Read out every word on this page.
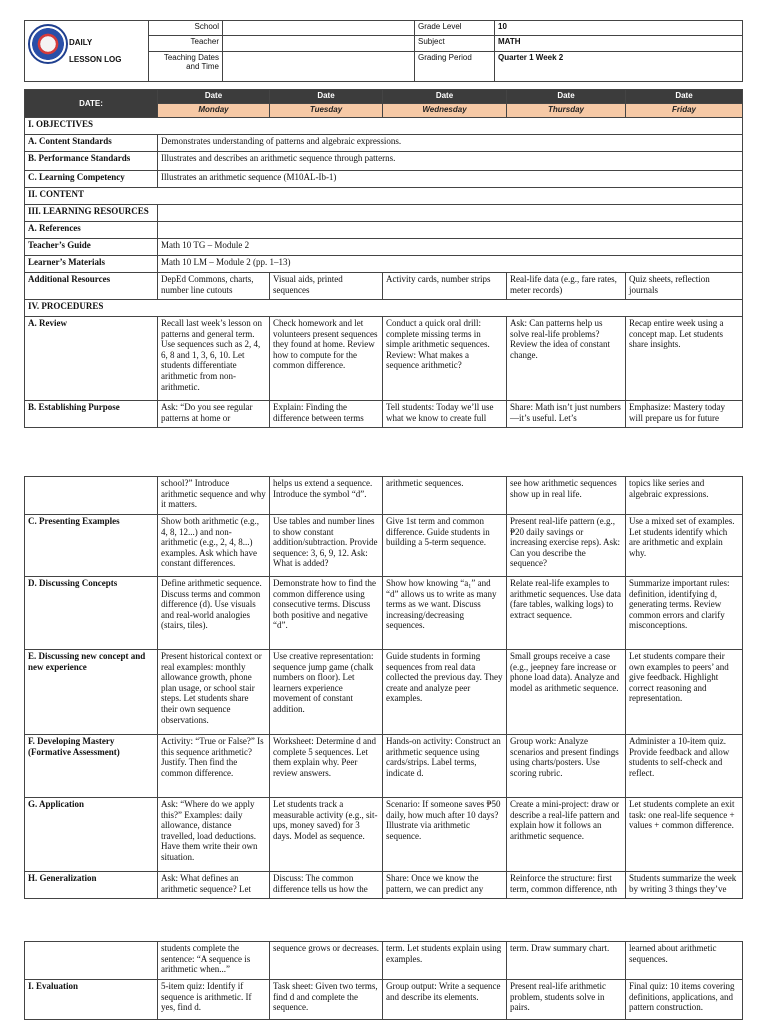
DAILY
LESSON LOG	School		Grade Level	10
	Teacher		Subject	MATH
	Teaching Dates and Time		Grading Period	Quarter 1 Week 2
DATE:	Date	Date	Date	Date	Date
	Monday	Tuesday	Wednesday	Thursday	Friday
I. OBJECTIVES					
A. Content Standards	Demonstrates understanding of patterns and algebraic expressions.				
B. Performance Standards	Illustrates and describes an arithmetic sequence through patterns.				
C. Learning Competency	Illustrates an arithmetic sequence (M10AL-Ib-1)				
II. CONTENT					
III. LEARNING RESOURCES					
A. References					
Teacher’s Guide	Math 10 TG – Module 2				
Learner’s Materials	Math 10 LM – Module 2 (pp. 1–13)				
Additional Resources	DepEd Commons, charts, number line cutouts	Visual aids, printed sequences	Activity cards, number strips	Real-life data (e.g., fare rates, meter records)	Quiz sheets, reflection journals
IV. PROCEDURES					
A. Review	Recall last week’s lesson on patterns and general term. Use sequences such as 2, 4, 6, 8 and 1, 3, 6, 10. Let students differentiate arithmetic from non-arithmetic.	Check homework and let volunteers present sequences they found at home. Review how to compute for the common difference.	Conduct a quick oral drill: complete missing terms in simple arithmetic sequences. Review: What makes a sequence arithmetic?	Ask: Can patterns help us solve real-life problems? Review the idea of constant change.	Recap entire week using a concept map. Let students share insights.
B. Establishing Purpose	Ask: “Do you see regular patterns at home or	Explain: Finding the difference between terms	Tell students: Today we’ll use what we know to create full	Share: Math isn’t just numbers—it’s useful. Let’s	Emphasize: Mastery today will prepare us for future
	school?” Introduce arithmetic sequence and why it matters.	helps us extend a sequence. Introduce the symbol “d”.	arithmetic sequences.	see how arithmetic sequences show up in real life.	topics like series and algebraic expressions.
C. Presenting Examples	Show both arithmetic (e.g., 4, 8, 12...) and non-arithmetic (e.g., 2, 4, 8...) examples. Ask which have constant differences.	Use tables and number lines to show constant addition/subtraction. Provide sequence: 3, 6, 9, 12. Ask: What is added?	Give 1st term and common difference. Guide students in building a 5-term sequence.	Present real-life pattern (e.g., ₱20 daily savings or increasing exercise reps). Ask: Can you describe the sequence?	Use a mixed set of examples. Let students identify which are arithmetic and explain why.
D. Discussing Concepts	Define arithmetic sequence. Discuss terms and common difference (d). Use visuals and real-world analogies (stairs, tiles).	Demonstrate how to find the common difference using consecutive terms. Discuss both positive and negative “d”.	Show how knowing “a₁” and “d” allows us to write as many terms as we want. Discuss increasing/decreasing sequences.	Relate real-life examples to arithmetic sequences. Use data (fare tables, walking logs) to extract sequence.	Summarize important rules: definition, identifying d, generating terms. Review common errors and clarify misconceptions.
E. Discussing new concept and new experience	Present historical context or real examples: monthly allowance growth, phone plan usage, or school stair steps. Let students share their own sequence observations.	Use creative representation: sequence jump game (chalk numbers on floor). Let learners experience movement of constant addition.	Guide students in forming sequences from real data collected the previous day. They create and analyze peer examples.	Small groups receive a case (e.g., jeepney fare increase or phone load data). Analyze and model as arithmetic sequence.	Let students compare their own examples to peers’ and give feedback. Highlight correct reasoning and representation.
F. Developing Mastery (Formative Assessment)	Activity: “True or False?” Is this sequence arithmetic? Justify. Then find the common difference.	Worksheet: Determine d and complete 5 sequences. Let them explain why. Peer review answers.	Hands-on activity: Construct an arithmetic sequence using cards/strips. Label terms, indicate d.	Group work: Analyze scenarios and present findings using charts/posters. Use scoring rubric.	Administer a 10-item quiz. Provide feedback and allow students to self-check and reflect.
G. Application	Ask: “Where do we apply this?” Examples: daily allowance, distance travelled, load deductions. Have them write their own situation.	Let students track a measurable activity (e.g., sit-ups, money saved) for 3 days. Model as sequence.	Scenario: If someone saves ₱50 daily, how much after 10 days? Illustrate via arithmetic sequence.	Create a mini-project: draw or describe a real-life pattern and explain how it follows an arithmetic sequence.	Let students complete an exit task: one real-life sequence + values + common difference.
H. Generalization	Ask: What defines an arithmetic sequence? Let	Discuss: The common difference tells us how the	Share: Once we know the pattern, we can predict any	Reinforce the structure: first term, common difference, nth	Students summarize the week by writing 3 things they’ve
	students complete the sentence: “A sequence is arithmetic when...”	sequence grows or decreases.	term. Let students explain using examples.	term. Draw summary chart.	learned about arithmetic sequences.
I. Evaluation	5-item quiz: Identify if sequence is arithmetic. If yes, find d.	Task sheet: Given two terms, find d and complete the sequence.	Group output: Write a sequence and describe its elements.	Present real-life arithmetic problem, students solve in pairs.	Final quiz: 10 items covering definitions, applications, and pattern construction.
